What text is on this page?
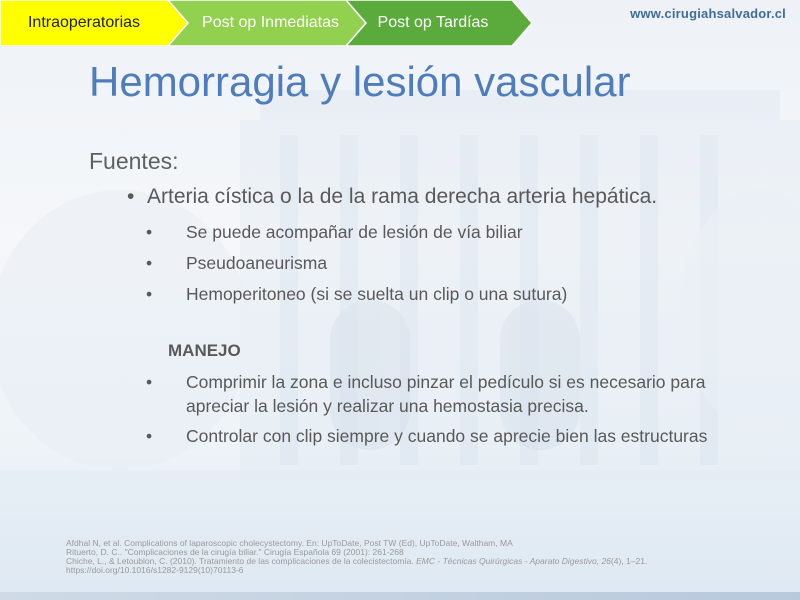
Intraoperatorias	Post op Inmediatas	Post op Tardías
www.cirugiahsalvador.cl
Hemorragia y lesión vascular
Fuentes:
• Arteria cística o la de la rama derecha arteria hepática.
• Se puede acompañar de lesión de vía biliar
• Pseudoaneurisma
• Hemoperitoneo (si se suelta un clip o una sutura)
MANEJO
• Comprimir la zona e incluso pinzar el pedículo si es necesario para apreciar la lesión y realizar una hemostasia precisa.
• Controlar con clip siempre y cuando se aprecie bien las estructuras
Afdhal N, et al. Complications of laparoscopic cholecystectomy. En: UpToDate, Post TW (Ed), UpToDate, Waltham, MA
Rituerto, D. C.. "Complicaciones de la cirugía biliar." Cirugía Española 69 (2001): 261-268
Chiche, L., & Letoublon, C. (2010). Tratamiento de las complicaciones de la colecistectomía. EMC - Técnicas Quirúrgicas - Aparato Digestivo, 26(4), 1–21.
https://doi.org/10.1016/s1282-9129(10)70113-6
